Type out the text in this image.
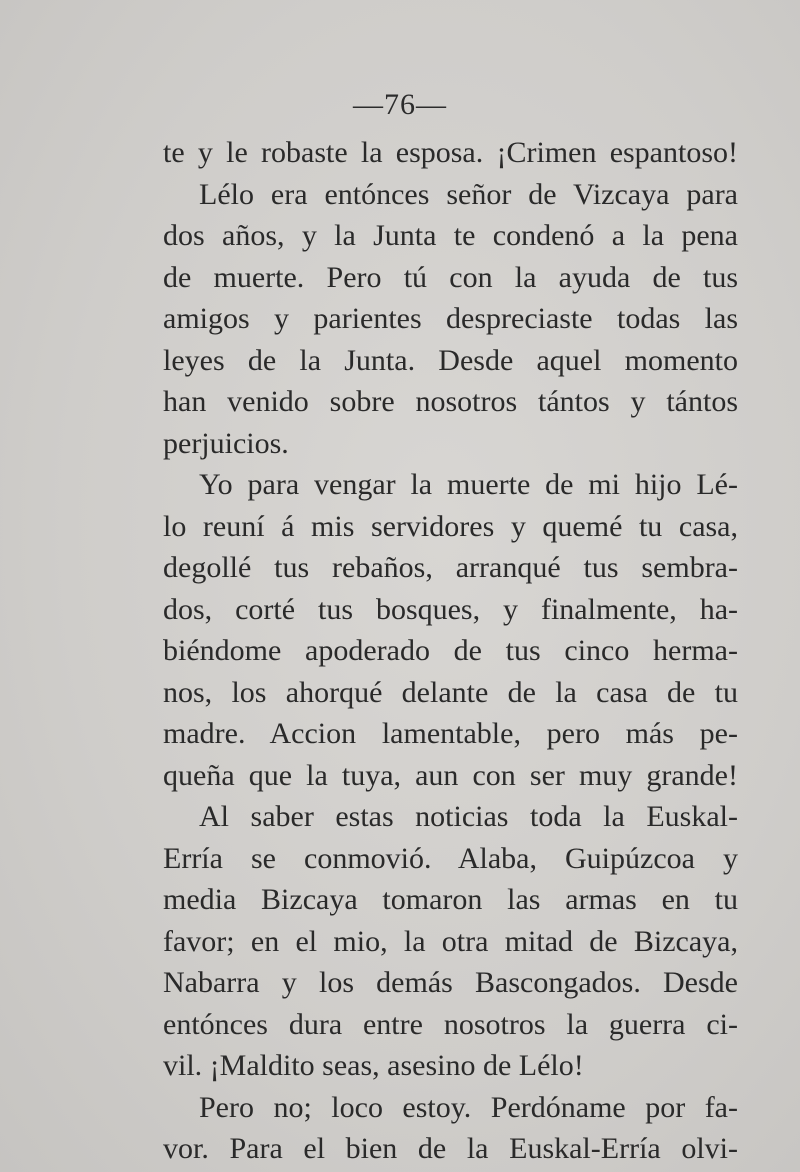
—76—
te y le robaste la esposa. ¡Crimen espantoso!
Lélo era entónces señor de Vizcaya para
dos años, y la Junta te condenó a la pena
de muerte. Pero tú con la ayuda de tus
amigos y parientes despreciaste todas las
leyes de la Junta. Desde aquel momento
han venido sobre nosotros tántos y tántos
perjuicios.
Yo para vengar la muerte de mi hijo Lé-
lo reuní á mis servidores y quemé tu casa,
degollé tus rebaños, arranqué tus sembra-
dos, corté tus bosques, y finalmente, ha-
biéndome apoderado de tus cinco herma-
nos, los ahorqué delante de la casa de tu
madre. Accion lamentable, pero más pe-
queña que la tuya, aun con ser muy grande!
Al saber estas noticias toda la Euskal-
Erría se conmovió. Alaba, Guipúzcoa y
media Bizcaya tomaron las armas en tu
favor; en el mio, la otra mitad de Bizcaya,
Nabarra y los demás Bascongados. Desde
entónces dura entre nosotros la guerra ci-
vil. ¡Maldito seas, asesino de Lélo!
Pero no; loco estoy. Perdóname por fa-
vor. Para el bien de la Euskal-Erría olvi-
